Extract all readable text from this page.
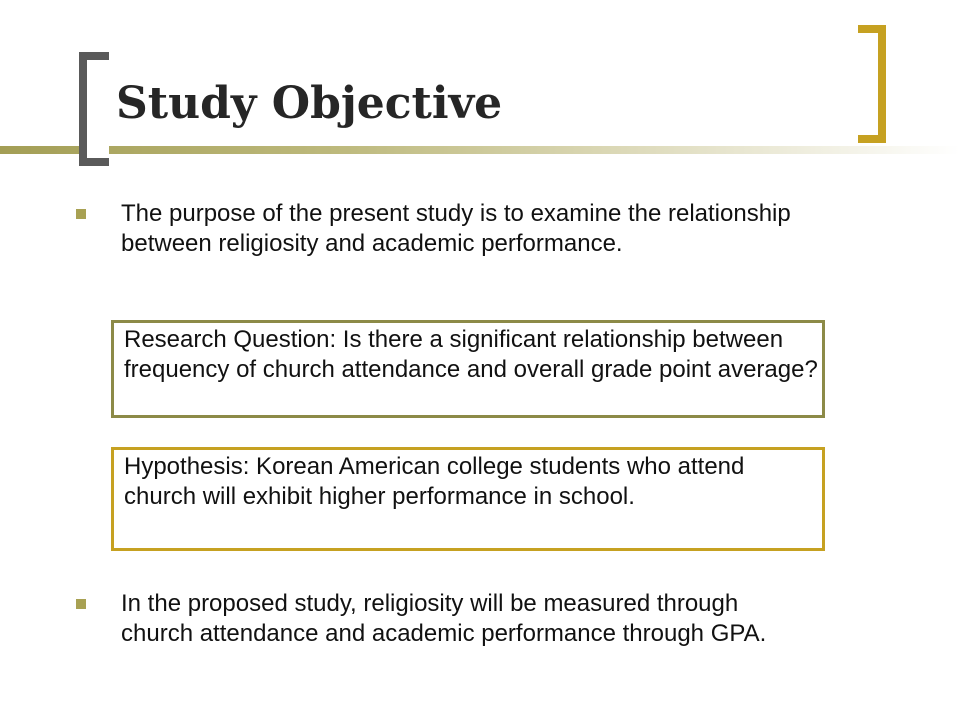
Study Objective
The purpose of the present study is to examine the relationship between religiosity and academic performance.
Research Question: Is there a significant relationship between frequency of church attendance and overall grade point average?
Hypothesis: Korean American college students who attend church will exhibit higher performance in school.
In the proposed study, religiosity will be measured through church attendance and academic performance through GPA.
